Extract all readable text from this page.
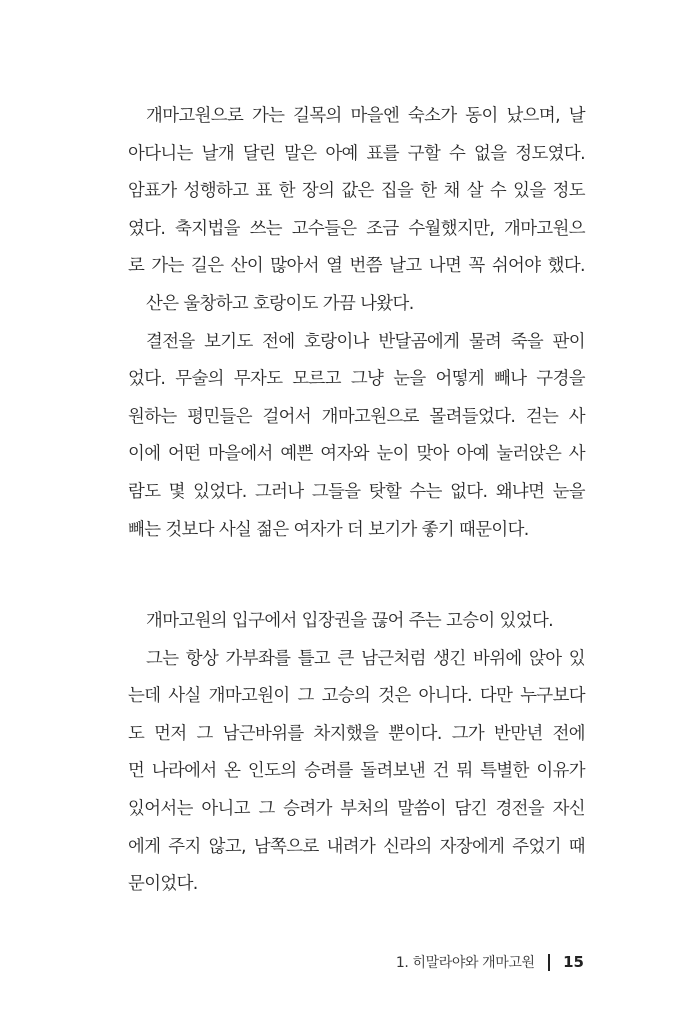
개마고원으로 가는 길목의 마을엔 숙소가 동이 났으며, 날
아다니는 날개 달린 말은 아예 표를 구할 수 없을 정도였다.
암표가 성행하고 표 한 장의 값은 집을 한 채 살 수 있을 정도
였다. 축지법을 쓰는 고수들은 조금 수월했지만, 개마고원으
로 가는 길은 산이 많아서 열 번쯤 날고 나면 꼭 쉬어야 했다.
산은 울창하고 호랑이도 가끔 나왔다.
결전을 보기도 전에 호랑이나 반달곰에게 물려 죽을 판이
었다. 무술의 무자도 모르고 그냥 눈을 어떻게 빼나 구경을
원하는 평민들은 걸어서 개마고원으로 몰려들었다. 걷는 사
이에 어떤 마을에서 예쁜 여자와 눈이 맞아 아예 눌러앉은 사
람도 몇 있었다. 그러나 그들을 탓할 수는 없다. 왜냐면 눈을
빼는 것보다 사실 젊은 여자가 더 보기가 좋기 때문이다.
개마고원의 입구에서 입장권을 끊어 주는 고승이 있었다.
그는 항상 가부좌를 틀고 큰 남근처럼 생긴 바위에 앉아 있
는데 사실 개마고원이 그 고승의 것은 아니다. 다만 누구보다
도 먼저 그 남근바위를 차지했을 뿐이다. 그가 반만년 전에
먼 나라에서 온 인도의 승려를 돌려보낸 건 뭐 특별한 이유가
있어서는 아니고 그 승려가 부처의 말씀이 담긴 경전을 자신
에게 주지 않고, 남쪽으로 내려가 신라의 자장에게 주었기 때
문이었다.
1. 히말라야와 개마고원 15
